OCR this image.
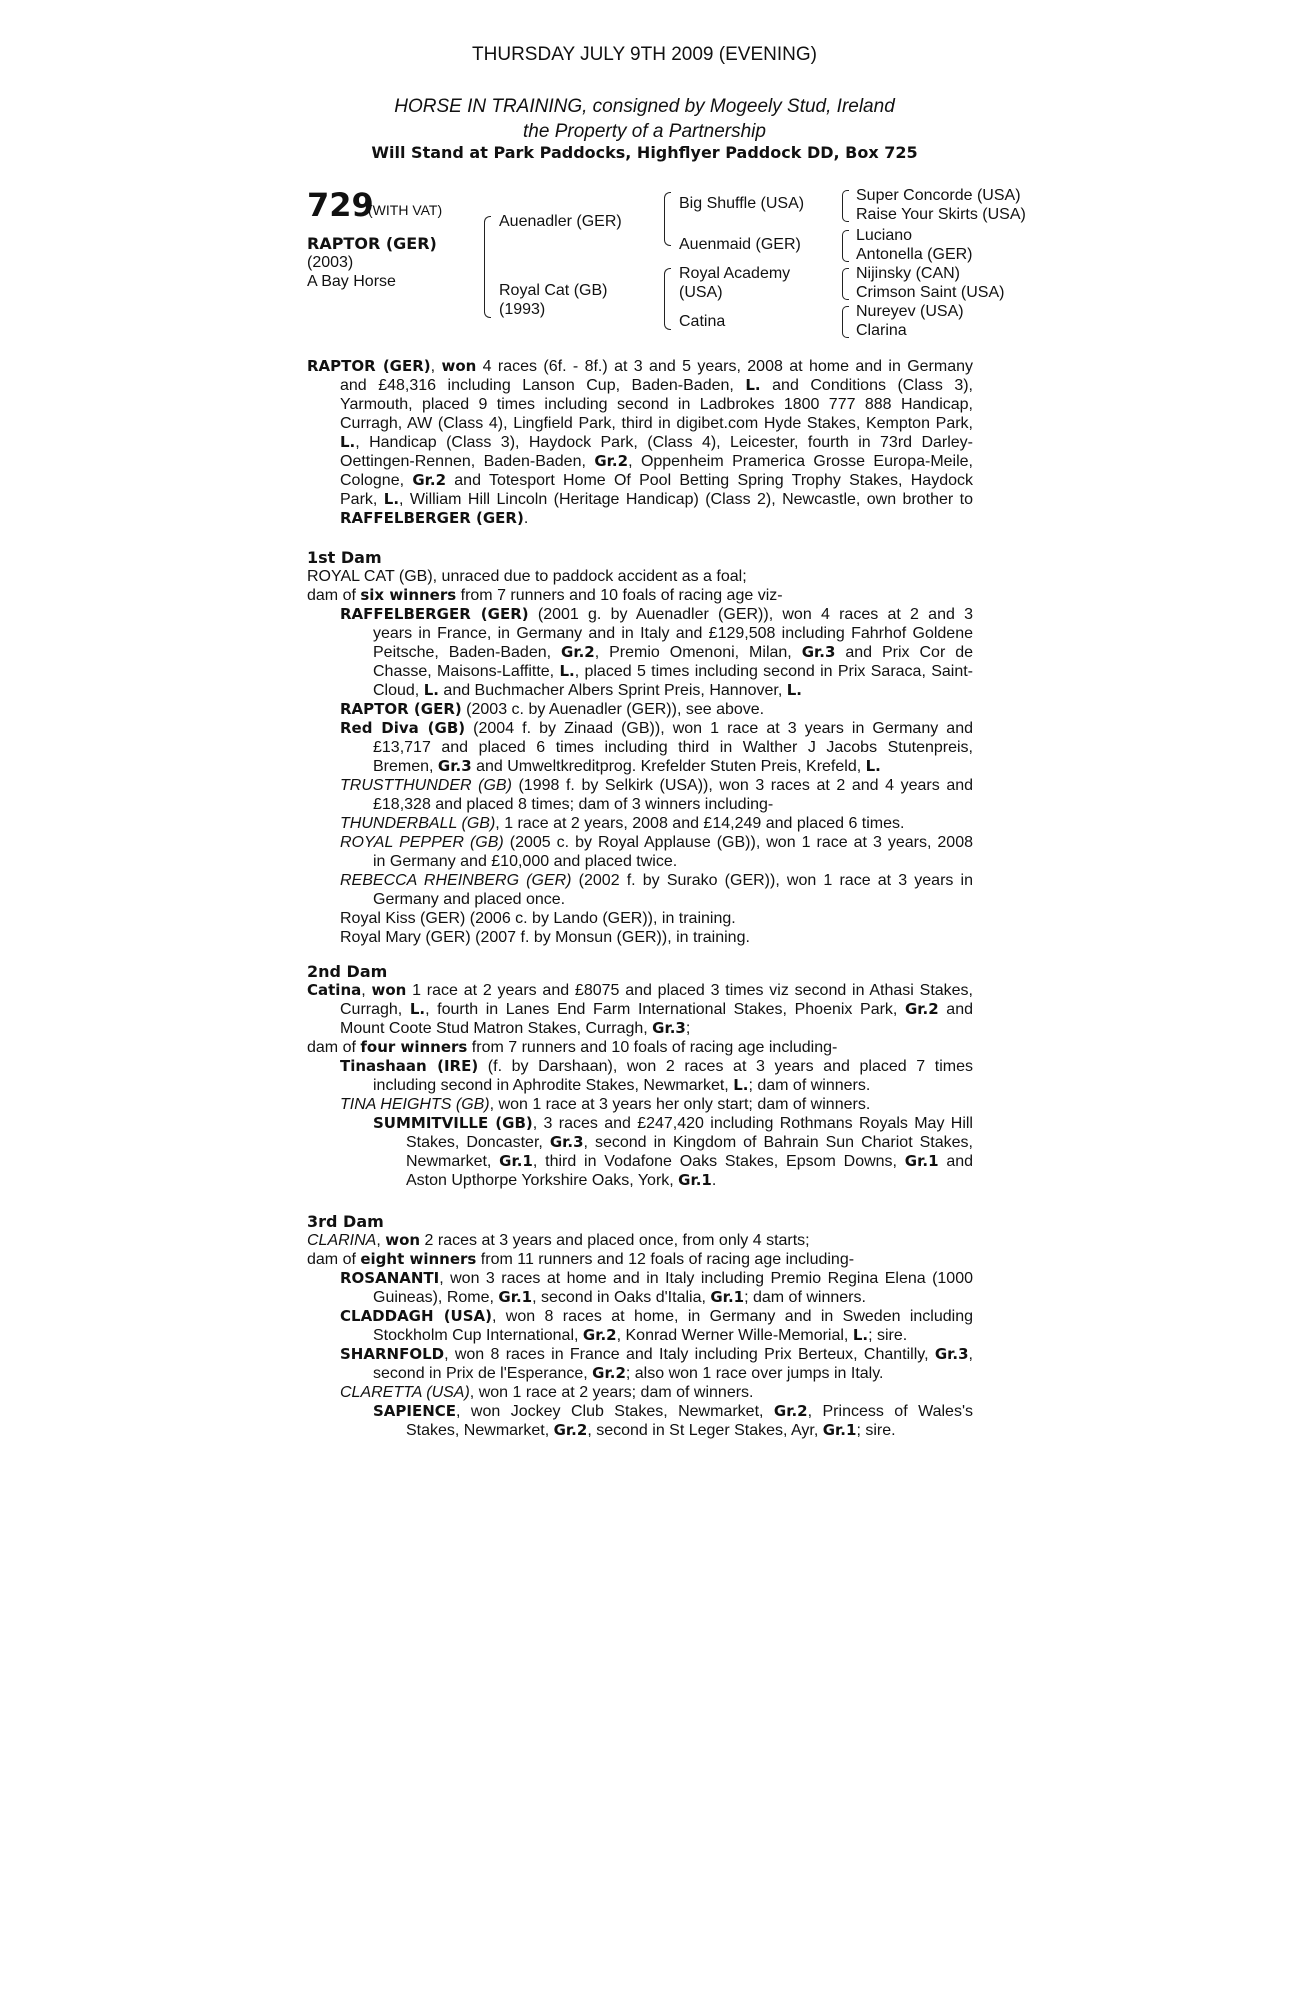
THURSDAY JULY 9TH 2009 (EVENING)
HORSE IN TRAINING, consigned by Mogeely Stud, Ireland
the Property of a Partnership
Will Stand at Park Paddocks, Highflyer Paddock DD, Box 725
729
(WITH VAT)
RAPTOR (GER)
(2003)
A Bay Horse
Auenadler (GER)
Royal Cat (GB)
(1993)
Big Shuffle (USA)
Auenmaid (GER)
Royal Academy
(USA)
Catina
Super Concorde (USA)
Raise Your Skirts (USA)
Luciano
Antonella (GER)
Nijinsky (CAN)
Crimson Saint (USA)
Nureyev (USA)
Clarina
RAPTOR (GER), won 4 races (6f. - 8f.) at 3 and 5 years, 2008 at home and in Germany
and £48,316 including Lanson Cup, Baden-Baden, L. and Conditions (Class 3),
Yarmouth, placed 9 times including second in Ladbrokes 1800 777 888 Handicap,
Curragh, AW (Class 4), Lingfield Park, third in digibet.com Hyde Stakes, Kempton Park,
L., Handicap (Class 3), Haydock Park, (Class 4), Leicester, fourth in 73rd Darley-
Oettingen-Rennen, Baden-Baden, Gr.2, Oppenheim Pramerica Grosse Europa-Meile,
Cologne, Gr.2 and Totesport Home Of Pool Betting Spring Trophy Stakes, Haydock
Park, L., William Hill Lincoln (Heritage Handicap) (Class 2), Newcastle, own brother to
RAFFELBERGER (GER).
1st Dam
ROYAL CAT (GB), unraced due to paddock accident as a foal;
dam of six winners from 7 runners and 10 foals of racing age viz-
RAFFELBERGER (GER) (2001 g. by Auenadler (GER)), won 4 races at 2 and 3
years in France, in Germany and in Italy and £129,508 including Fahrhof Goldene
Peitsche, Baden-Baden, Gr.2, Premio Omenoni, Milan, Gr.3 and Prix Cor de
Chasse, Maisons-Laffitte, L., placed 5 times including second in Prix Saraca, Saint-
Cloud, L. and Buchmacher Albers Sprint Preis, Hannover, L.
RAPTOR (GER) (2003 c. by Auenadler (GER)), see above.
Red Diva (GB) (2004 f. by Zinaad (GB)), won 1 race at 3 years in Germany and
£13,717 and placed 6 times including third in Walther J Jacobs Stutenpreis,
Bremen, Gr.3 and Umweltkreditprog. Krefelder Stuten Preis, Krefeld, L.
TRUSTTHUNDER (GB) (1998 f. by Selkirk (USA)), won 3 races at 2 and 4 years and
£18,328 and placed 8 times; dam of 3 winners including-
THUNDERBALL (GB), 1 race at 2 years, 2008 and £14,249 and placed 6 times.
ROYAL PEPPER (GB) (2005 c. by Royal Applause (GB)), won 1 race at 3 years, 2008
in Germany and £10,000 and placed twice.
REBECCA RHEINBERG (GER) (2002 f. by Surako (GER)), won 1 race at 3 years in
Germany and placed once.
Royal Kiss (GER) (2006 c. by Lando (GER)), in training.
Royal Mary (GER) (2007 f. by Monsun (GER)), in training.
2nd Dam
Catina, won 1 race at 2 years and £8075 and placed 3 times viz second in Athasi Stakes,
Curragh, L., fourth in Lanes End Farm International Stakes, Phoenix Park, Gr.2 and
Mount Coote Stud Matron Stakes, Curragh, Gr.3;
dam of four winners from 7 runners and 10 foals of racing age including-
Tinashaan (IRE) (f. by Darshaan), won 2 races at 3 years and placed 7 times
including second in Aphrodite Stakes, Newmarket, L.; dam of winners.
TINA HEIGHTS (GB), won 1 race at 3 years her only start; dam of winners.
SUMMITVILLE (GB), 3 races and £247,420 including Rothmans Royals May Hill
Stakes, Doncaster, Gr.3, second in Kingdom of Bahrain Sun Chariot Stakes,
Newmarket, Gr.1, third in Vodafone Oaks Stakes, Epsom Downs, Gr.1 and
Aston Upthorpe Yorkshire Oaks, York, Gr.1.
3rd Dam
CLARINA, won 2 races at 3 years and placed once, from only 4 starts;
dam of eight winners from 11 runners and 12 foals of racing age including-
ROSANANTI, won 3 races at home and in Italy including Premio Regina Elena (1000
Guineas), Rome, Gr.1, second in Oaks d'Italia, Gr.1; dam of winners.
CLADDAGH (USA), won 8 races at home, in Germany and in Sweden including
Stockholm Cup International, Gr.2, Konrad Werner Wille-Memorial, L.; sire.
SHARNFOLD, won 8 races in France and Italy including Prix Berteux, Chantilly, Gr.3,
second in Prix de l'Esperance, Gr.2; also won 1 race over jumps in Italy.
CLARETTA (USA), won 1 race at 2 years; dam of winners.
SAPIENCE, won Jockey Club Stakes, Newmarket, Gr.2, Princess of Wales's
Stakes, Newmarket, Gr.2, second in St Leger Stakes, Ayr, Gr.1; sire.
